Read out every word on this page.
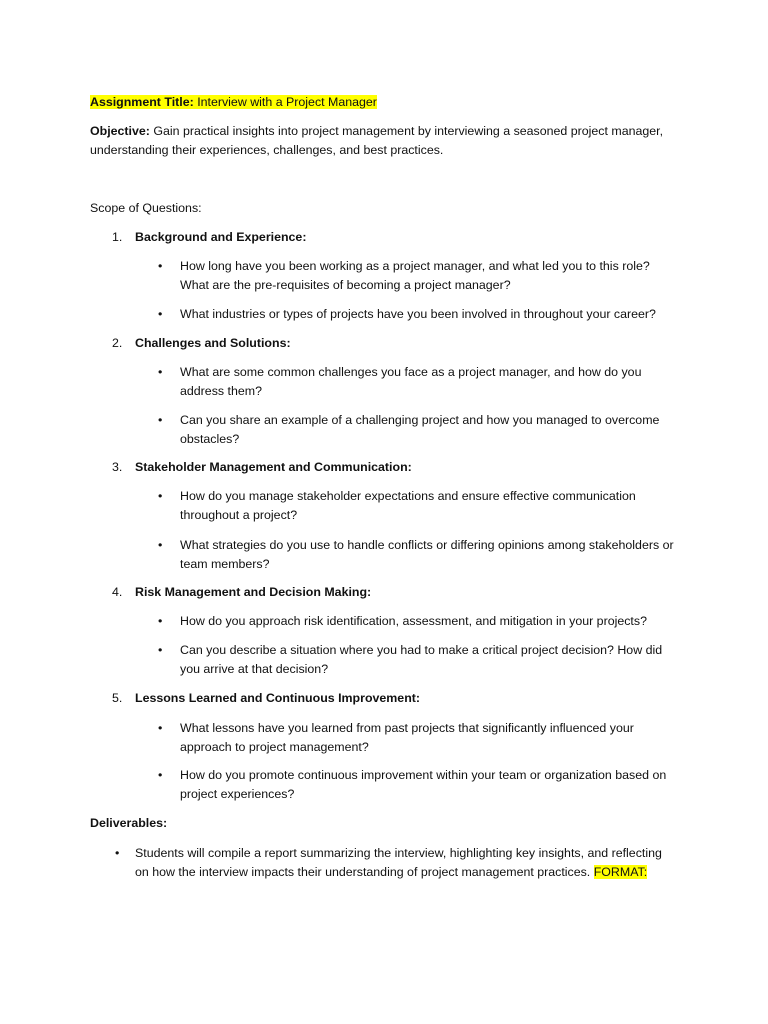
Assignment Title: Interview with a Project Manager
Objective: Gain practical insights into project management by interviewing a seasoned project manager, understanding their experiences, challenges, and best practices.
Scope of Questions:
1. Background and Experience:
• How long have you been working as a project manager, and what led you to this role? What are the pre-requisites of becoming a project manager?
• What industries or types of projects have you been involved in throughout your career?
2. Challenges and Solutions:
• What are some common challenges you face as a project manager, and how do you address them?
• Can you share an example of a challenging project and how you managed to overcome obstacles?
3. Stakeholder Management and Communication:
• How do you manage stakeholder expectations and ensure effective communication throughout a project?
• What strategies do you use to handle conflicts or differing opinions among stakeholders or team members?
4. Risk Management and Decision Making:
• How do you approach risk identification, assessment, and mitigation in your projects?
• Can you describe a situation where you had to make a critical project decision? How did you arrive at that decision?
5. Lessons Learned and Continuous Improvement:
• What lessons have you learned from past projects that significantly influenced your approach to project management?
• How do you promote continuous improvement within your team or organization based on project experiences?
Deliverables:
• Students will compile a report summarizing the interview, highlighting key insights, and reflecting on how the interview impacts their understanding of project management practices. FORMAT:
